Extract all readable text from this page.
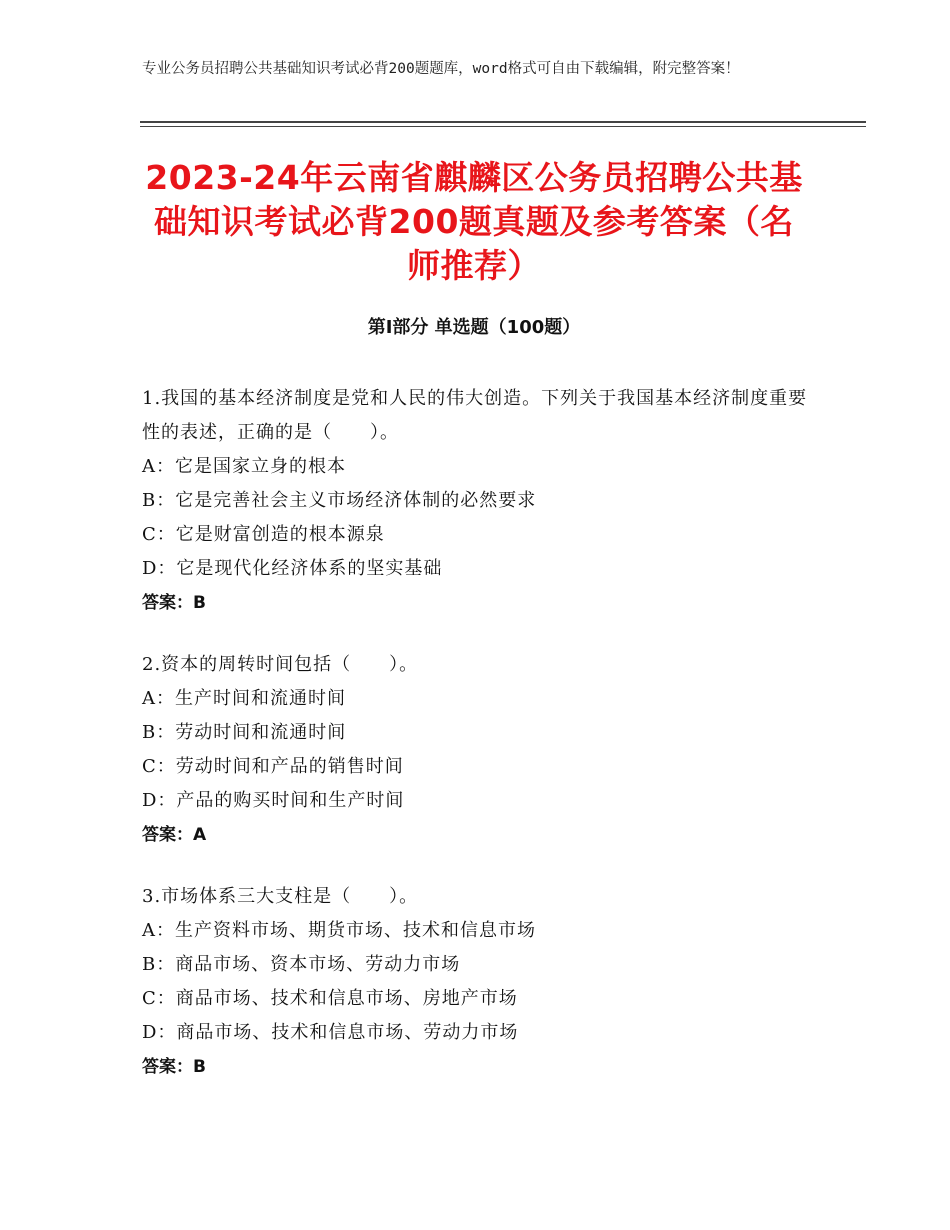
专业公务员招聘公共基础知识考试必背200题题库，word格式可自由下载编辑，附完整答案！
2023-24年云南省麒麟区公务员招聘公共基础知识考试必背200题真题及参考答案（名师推荐）
第Ⅰ部分 单选题（100题）
1.我国的基本经济制度是党和人民的伟大创造。下列关于我国基本经济制度重要性的表述，正确的是（　　）。
A：它是国家立身的根本
B：它是完善社会主义市场经济体制的必然要求
C：它是财富创造的根本源泉
D：它是现代化经济体系的坚实基础
答案：B
2.资本的周转时间包括（　　）。
A：生产时间和流通时间
B：劳动时间和流通时间
C：劳动时间和产品的销售时间
D：产品的购买时间和生产时间
答案：A
3.市场体系三大支柱是（　　）。
A：生产资料市场、期货市场、技术和信息市场
B：商品市场、资本市场、劳动力市场
C：商品市场、技术和信息市场、房地产市场
D：商品市场、技术和信息市场、劳动力市场
答案：B
